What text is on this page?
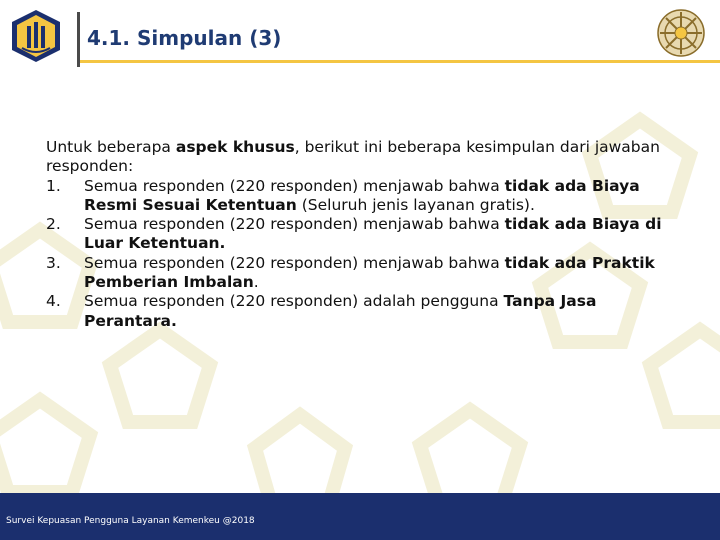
4.1. Simpulan (3)

Untuk beberapa aspek khusus, berikut ini beberapa kesimpulan dari jawaban responden:

1. Semua responden (220 responden) menjawab bahwa tidak ada Biaya Resmi Sesuai Ketentuan (Seluruh jenis layanan gratis).
2. Semua responden (220 responden) menjawab bahwa tidak ada Biaya di Luar Ketentuan.
3. Semua responden (220 responden) menjawab bahwa tidak ada Praktik Pemberian Imbalan.
4. Semua responden (220 responden) adalah pengguna Tanpa Jasa Perantara.
Survei Kepuasan Pengguna Layanan Kemenkeu @2018
51
